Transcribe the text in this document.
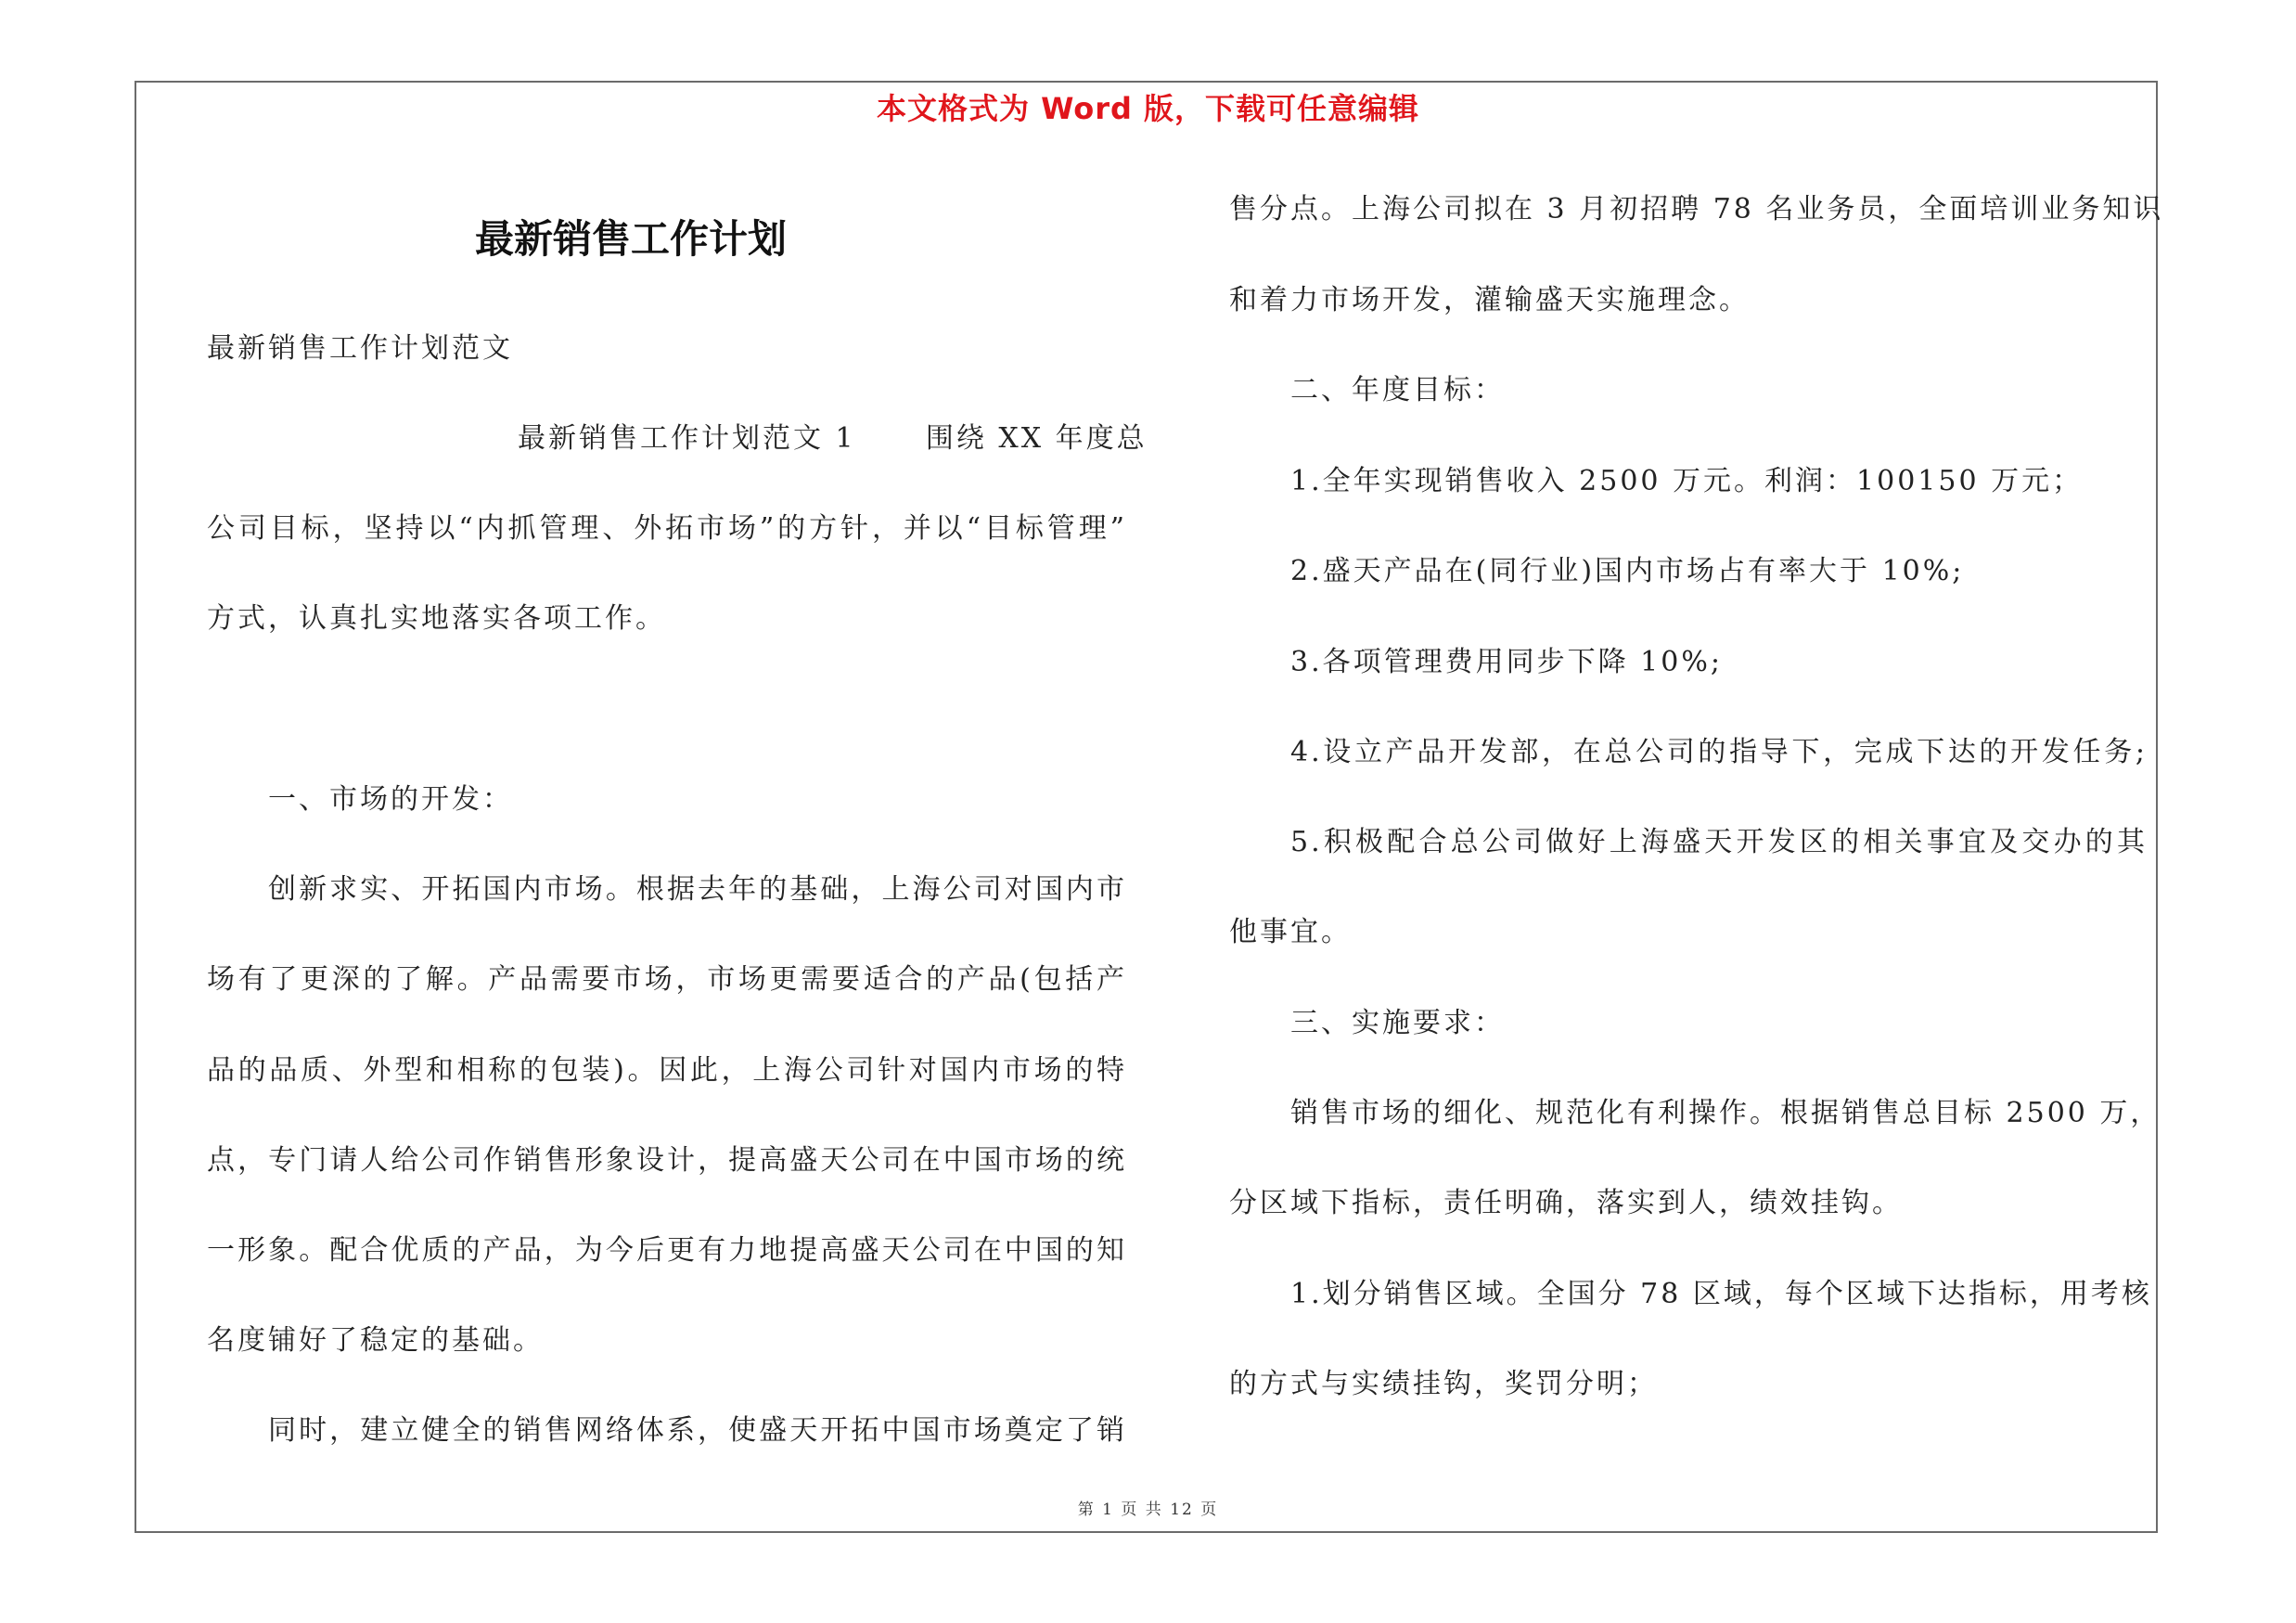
本文格式为 Word 版，下载可任意编辑
最新销售工作计划
最新销售工作计划范文
最新销售工作计划范文 1      围绕 XX 年度总
公司目标，坚持以“内抓管理、外拓市场”的方针，并以“目标管理”
方式，认真扎实地落实各项工作。
一、市场的开发：
创新求实、开拓国内市场。根据去年的基础，上海公司对国内市
场有了更深的了解。产品需要市场，市场更需要适合的产品(包括产
品的品质、外型和相称的包装)。因此，上海公司针对国内市场的特
点，专门请人给公司作销售形象设计，提高盛天公司在中国市场的统
一形象。配合优质的产品，为今后更有力地提高盛天公司在中国的知
名度铺好了稳定的基础。
同时，建立健全的销售网络体系，使盛天开拓中国市场奠定了销
售分点。上海公司拟在 3 月初招聘 78 名业务员，全面培训业务知识
和着力市场开发，灌输盛天实施理念。
二、年度目标：
1.全年实现销售收入 2500 万元。利润：100150 万元；
2.盛天产品在(同行业)国内市场占有率大于 10%;
3.各项管理费用同步下降 10%;
4.设立产品开发部，在总公司的指导下，完成下达的开发任务;
5.积极配合总公司做好上海盛天开发区的相关事宜及交办的其
他事宜。
三、实施要求：
销售市场的细化、规范化有利操作。根据销售总目标 2500 万，
分区域下指标，责任明确，落实到人，绩效挂钩。
1.划分销售区域。全国分 78 区域，每个区域下达指标，用考核
的方式与实绩挂钩，奖罚分明；
第 1 页 共 12 页
